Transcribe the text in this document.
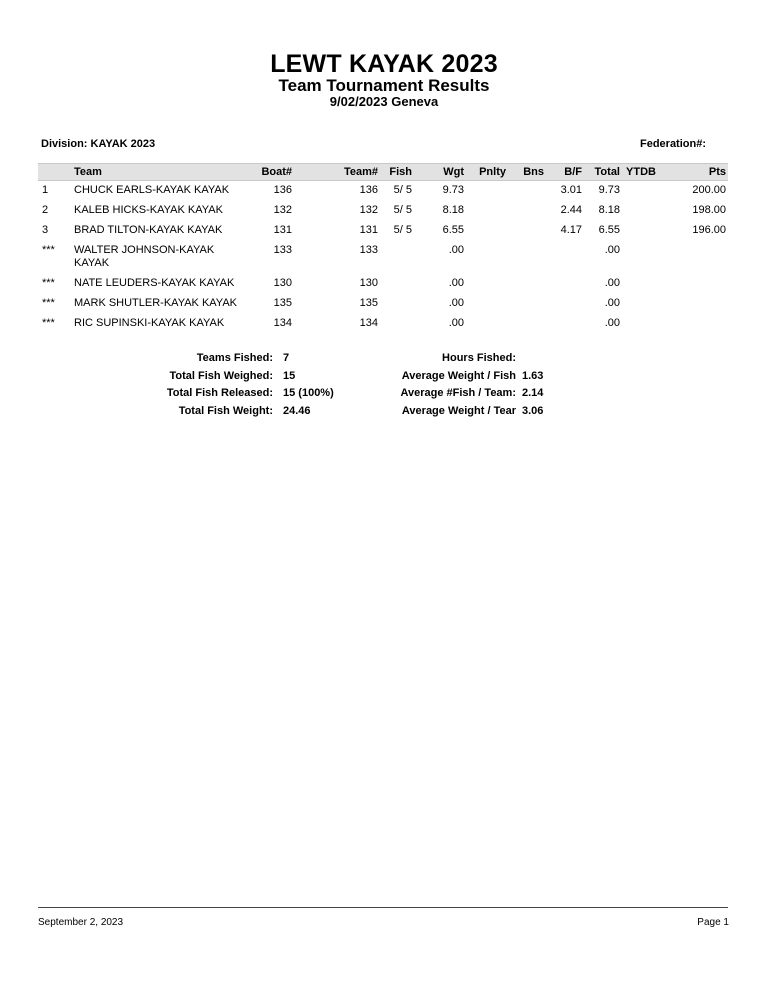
LEWT KAYAK 2023
Team Tournament Results
9/02/2023 Geneva
Division: KAYAK 2023	Federation#:
	Team	Boat#	Team#	Fish	Wgt	Pnlty	Bns	B/F	Total	YTDB	Pts
1	CHUCK EARLS-KAYAK KAYAK	136	136	5/ 5	9.73			3.01	9.73		200.00
2	KALEB HICKS-KAYAK KAYAK	132	132	5/ 5	8.18			2.44	8.18		198.00
3	BRAD TILTON-KAYAK KAYAK	131	131	5/ 5	6.55			4.17	6.55		196.00
***	WALTER JOHNSON-KAYAK KAYAK	133	133		.00				.00		
***	NATE LEUDERS-KAYAK KAYAK	130	130		.00				.00		
***	MARK SHUTLER-KAYAK KAYAK	135	135		.00				.00		
***	RIC SUPINSKI-KAYAK KAYAK	134	134		.00				.00		
Teams Fished: 7
Total Fish Weighed: 15
Total Fish Released: 15 (100%)
Total Fish Weight: 24.46
Hours Fished:
Average Weight / Fish 1.63
Average #Fish / Team: 2.14
Average Weight / Tear 3.06
September 2, 2023	Page 1
